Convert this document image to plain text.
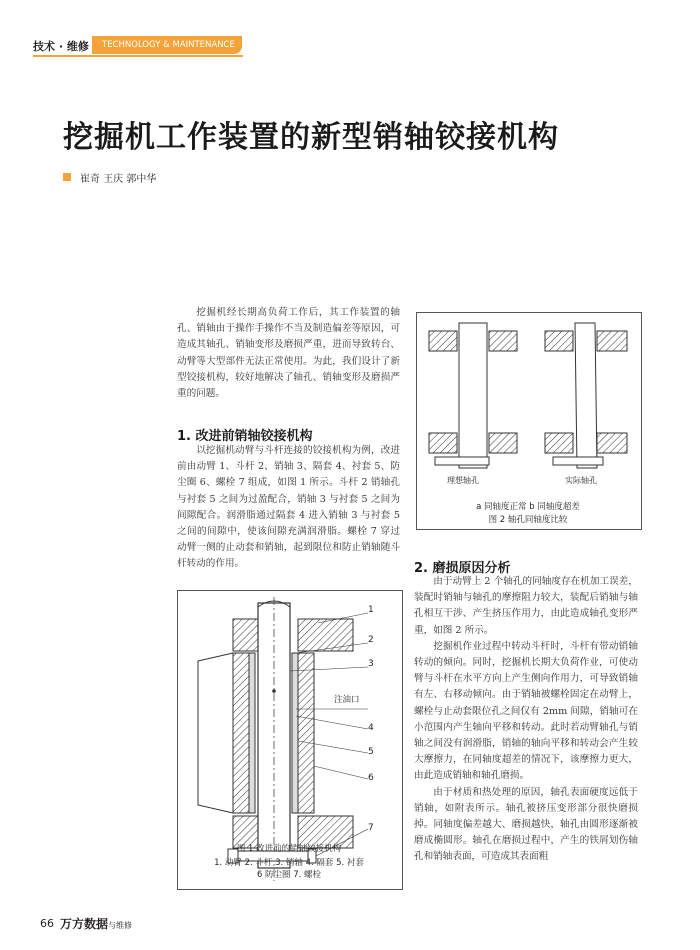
技术 · 维修	TECHNOLOGY & MAINTENANCE
挖掘机工作装置的新型销轴铰接机构
崔奇 王庆 郭中华

挖掘机经长期高负荷工作后，其工作装置的轴孔、销轴由于操作手操作不当及制造偏差等原因，可造成其轴孔、销轴变形及磨损严重，进而导致转台、动臂等大型部件无法正常使用。为此，我们设计了新型铰接机构，较好地解决了轴孔、销轴变形及磨损严重的问题。

1. 改进前销轴铰接机构

以挖掘机动臂与斗杆连接的铰接机构为例，改进前由动臂 1、斗杆 2、销轴 3、隔套 4、衬套 5、防尘圈 6、螺栓 7 组成，如图 1 所示。斗杆 2 销轴孔与衬套 5 之间为过盈配合，销轴 3 与衬套 5 之间为间隙配合。润滑脂通过隔套 4 进入销轴 3 与衬套 5 之间的间隙中，使该间隙充满润滑脂。螺栓 7 穿过动臂一侧的止动套和销轴，起到限位和防止销轴随斗杆转动的作用。

1
2
3
注油口
4
5
6
7
图 1 改进前的销轴铰接机构
1. 动臂 2. 斗杆 3. 销轴 4. 隔套 5. 衬套
6 防尘圈 7. 螺栓
理想轴孔	实际轴孔
a 同轴度正常 b 同轴度超差
图 2 轴孔同轴度比较
2. 磨损原因分析

由于动臂上 2 个轴孔的同轴度存在机加工误差，装配时销轴与轴孔的摩擦阻力较大，装配后销轴与轴孔相互干涉、产生挤压作用力，由此造成轴孔变形严重，如图 2 所示。

挖掘机作业过程中转动斗杆时，斗杆有带动销轴转动的倾向。同时，挖掘机长期大负荷作业，可使动臂与斗杆在水平方向上产生侧向作用力，可导致销轴有左、右移动倾向。由于销轴被螺栓固定在动臂上，螺栓与止动套限位孔之间仅有 2mm 间隙，销轴可在小范围内产生轴向平移和转动。此时若动臂轴孔与销轴之间没有润滑脂，销轴的轴向平移和转动会产生较大摩擦力，在同轴度超差的情况下，该摩擦力更大，由此造成销轴和轴孔磨损。

由于材质和热处理的原因，轴孔表面硬度远低于销轴，如附表所示。轴孔被挤压变形部分很快磨损掉。同轴度偏差越大、磨损越快，轴孔由圆形逐渐被磨成椭圆形。轴孔在磨损过程中，产生的铁屑划伤轴孔和销轴表面，可造成其表面粗

66 万方数据与维修
